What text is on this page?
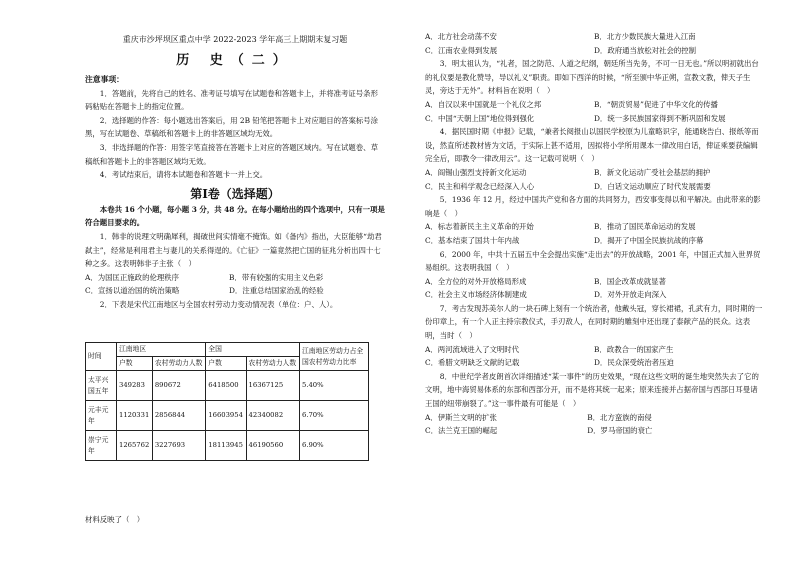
重庆市沙坪坝区重点中学 2022-2023 学年高三上期期末复习题
历 史（二）
注意事项：

1．答题前，先将自己的姓名、准考证号填写在试题卷和答题卡上，并将准考证号条形码粘贴在答题卡上的指定位置。

2．选择题的作答：每小题选出答案后，用 2B 铅笔把答题卡上对应题目的答案标号涂黑，写在试题卷、草稿纸和答题卡上的非答题区域均无效。

3．非选择题的作答：用签字笔直接答在答题卡上对应的答题区域内。写在试题卷、草稿纸和答题卡上的非答题区域均无效。

4．考试结束后，请将本试题卷和答题卡一并上交。

第Ⅰ卷（选择题）

本卷共 16 个小题，每小题 3 分，共 48 分。在每小题给出的四个选项中，只有一项是符合题目要求的。

1．韩非的说理文明确犀利，揭破世间实情毫不掩饰。如《备内》指出，大臣能够“劫君弑主”，经常是利用君主与妻儿的关系得逞的。《亡征》一篇竟然把亡国的征兆分析出四十七种之多。这表明韩非子主张（　）

A．为国匡正施政的伦理秩序	B．带有较强的实用主义色彩
C．宣扬以道治国的统治策略	D．注重总结国家治乱的经验

2．下表是宋代江南地区与全国农村劳动力变动情况表（单位：户、人）。

时间	江南地区		全国		江南地区劳动力占全国农村劳动力比率
	户数	农村劳动力人数	户数	农村劳动力人数	
太平兴国五年	349283	890672	6418500	16367125	5.40%
元丰元年	1120331	2856844	16603954	42340082	6.70%
崇宁元年	1265762	3227693	18113945	46190560	6.90%
材料反映了（　）
A．北方社会动荡不安	B．北方少数民族大量进入江南
C．江南农业得到发展	D．政府通当放松对社会的控制

3．明太祖认为，“礼者，国之防范、人道之纪纲，朝廷所当先务，不可一日无也。”所以明初就出台的礼仪要是教化赞导，导以礼义”职责。即如下西洋的时候，“所至颁中华正朔，宣教文教，俾天子生灵，旁达于无外”。材料旨在说明（　）

A．自汉以来中国就是一个礼仪之邦	B．“朝贡贸易”促进了中华文化的传播
C．中国“天朝上国”地位得到强化	D．统一多民族国家得到不断巩固和发展

4．据民国时期《申报》记载，“兼者长阅报山以国民学校原为儿童略识字，能通晓告白、报纸等而设，然直所述教材皆为文话，于实际上甚不适用，因拟将小学所用课本一律改用白话，俾证乘要获编辑完全后，即教令一律改用云”。这一记载可说明（　）

A．阎锡山强烈支持新文化运动	B．新文化运动广受社会基层的拥护
C．民主和科学观念已经深入人心	D．白话文运动顺应了时代发展需要

5．1936 年 12 月，经过中国共产党和各方面的共同努力，西安事变得以和平解决。由此带来的影响是（　）

A．标志着新民主主义革命的开始	B．推动了国民革命运动的发展
C．基本结束了国共十年内战	D．揭开了中国全民族抗战的序幕

6．2000 年，中共十五届五中全会提出实施“走出去”的开放战略，2001 年，中国正式加入世界贸易组织。这表明我国（　）

A．全方位的对外开放格局形成	B．国企改革成就显著
C．社会主义市场经济体制建成	D．对外开放走向深入

7．考古发现苏美尔人的一块石碑上刻有一个统治者，他戴头冠，穿长裙裙，孔武有力，同时期的一份印章上，有一个人正主持宗教仪式，手刃敌人，在同时期的雕刻中还出现了泰献产品的民众。这表明，当时（　）

A．两河流域进入了文明时代	B．政教合一的国家产生
C．希腊文明缺乏文献的记载	D．民众深受统治者压迫

8．中世纪学者皮朗首次详细描述“某一事件”的历史效果，“现在这些文明的诞生地突然失去了它的文明，地中海贸易体系的东部和西部分开，而不是将其统一起来；原来连接并占据帝国与西部日耳曼诸王国的纽带崩裂了。”这一事件最有可能是（　）

A．伊斯兰文明的扩张	B．北方蛮族的南侵
C．法兰克王国的崛起	D．罗马帝国的衰亡
